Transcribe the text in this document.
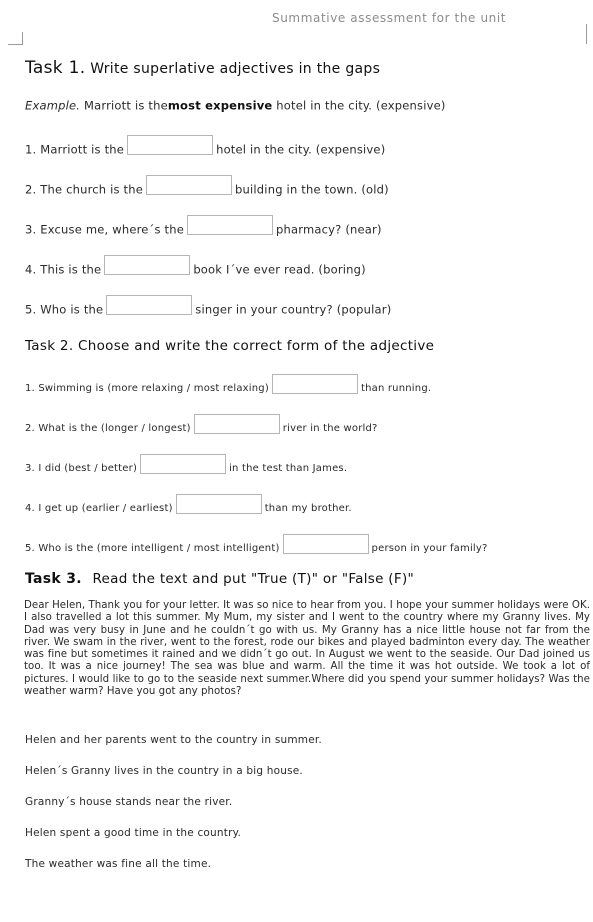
Summative assessment for the unit
Task 1. Write superlative adjectives in the gaps
Example. Marriott is themost expensive hotel in the city. (expensive)
1. Marriott is the	hotel in the city. (expensive)
2. The church is the	building in the town. (old)
3. Excuse me, where´s the	pharmacy? (near)
4. This is the	book I´ve ever read. (boring)
5. Who is the	singer in your country? (popular)
Task 2. Choose and write the correct form of the adjective
1. Swimming is (more relaxing / most relaxing)	than running.
2. What is the (longer / longest)	river in the world?
3. I did (best / better)	in the test than James.
4. I get up (earlier / earliest)	than my brother.
5. Who is the (more intelligent / most intelligent)	person in your family?
Task 3. Read the text and put "True (T)" or "False (F)"
Dear Helen, Thank you for your letter. It was so nice to hear from you. I hope your summer holidays were OK. I also travelled a lot this summer. My Mum, my sister and I went to the country where my Granny lives. My Dad was very busy in June and he couldn´t go with us. My Granny has a nice little house not far from the river. We swam in the river, went to the forest, rode our bikes and played badminton every day. The weather was fine but sometimes it rained and we didn´t go out. In August we went to the seaside. Our Dad joined us too. It was a nice journey! The sea was blue and warm. All the time it was hot outside. We took a lot of pictures. I would like to go to the seaside next summer.Where did you spend your summer holidays? Was the weather warm? Have you got any photos?
Helen and her parents went to the country in summer.
Helen´s Granny lives in the country in a big house.
Granny´s house stands near the river.
Helen spent a good time in the country.
The weather was fine all the time.
